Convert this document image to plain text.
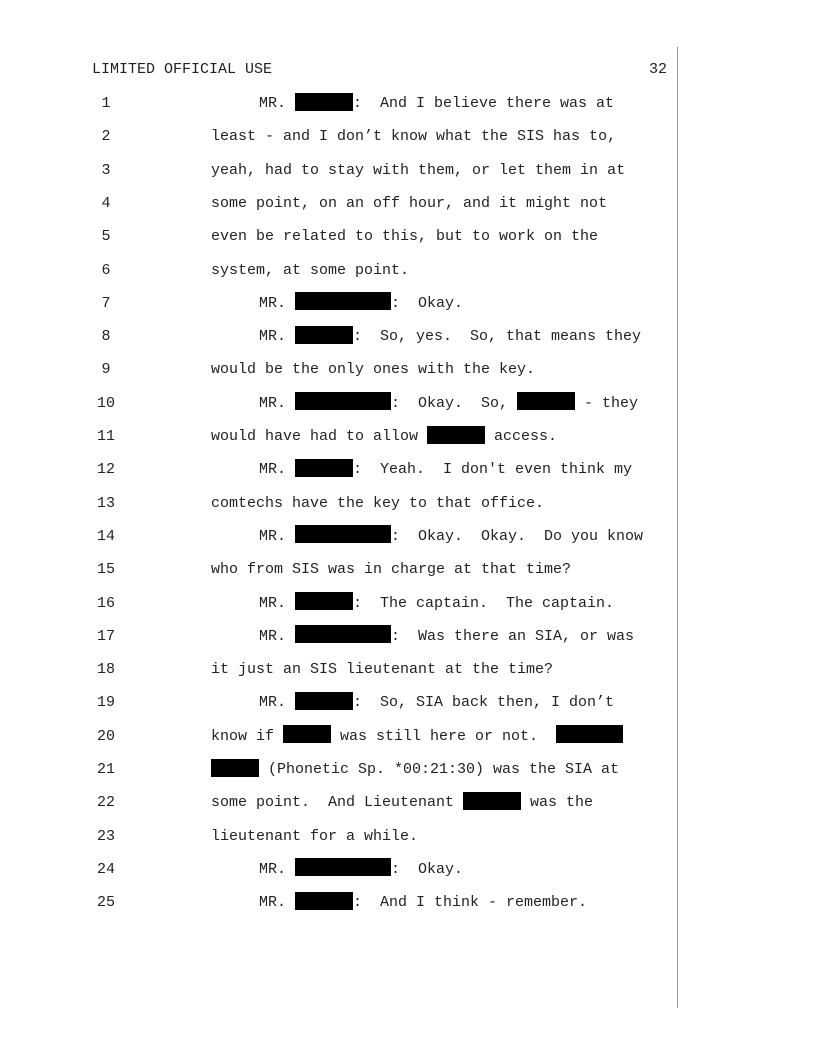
LIMITED OFFICIAL USE	32
1	MR.	:  And I believe there was at
2	least - and I don’t know what the SIS has to,
3	yeah, had to stay with them, or let them in at
4	some point, on an off hour, and it might not
5	even be related to this, but to work on the
6	system, at some point.
7	MR.	:  Okay.
8	MR.	:  So, yes.  So, that means they
9	would be the only ones with the key.
10	MR.	:  Okay.  So,	- they
11	would have had to allow	access.
12	MR.	:  Yeah.  I don't even think my
13	comtechs have the key to that office.
14	MR.	:  Okay.  Okay.  Do you know
15	who from SIS was in charge at that time?
16	MR.	:  The captain.  The captain.
17	MR.	:  Was there an SIA, or was
18	it just an SIS lieutenant at the time?
19	MR.	:  So, SIA back then, I don’t
20	know if	was still here or not.
21	(Phonetic Sp. *00:21:30) was the SIA at
22	some point.  And Lieutenant	was the
23	lieutenant for a while.
24	MR.	:  Okay.
25	MR.	:  And I think - remember.
